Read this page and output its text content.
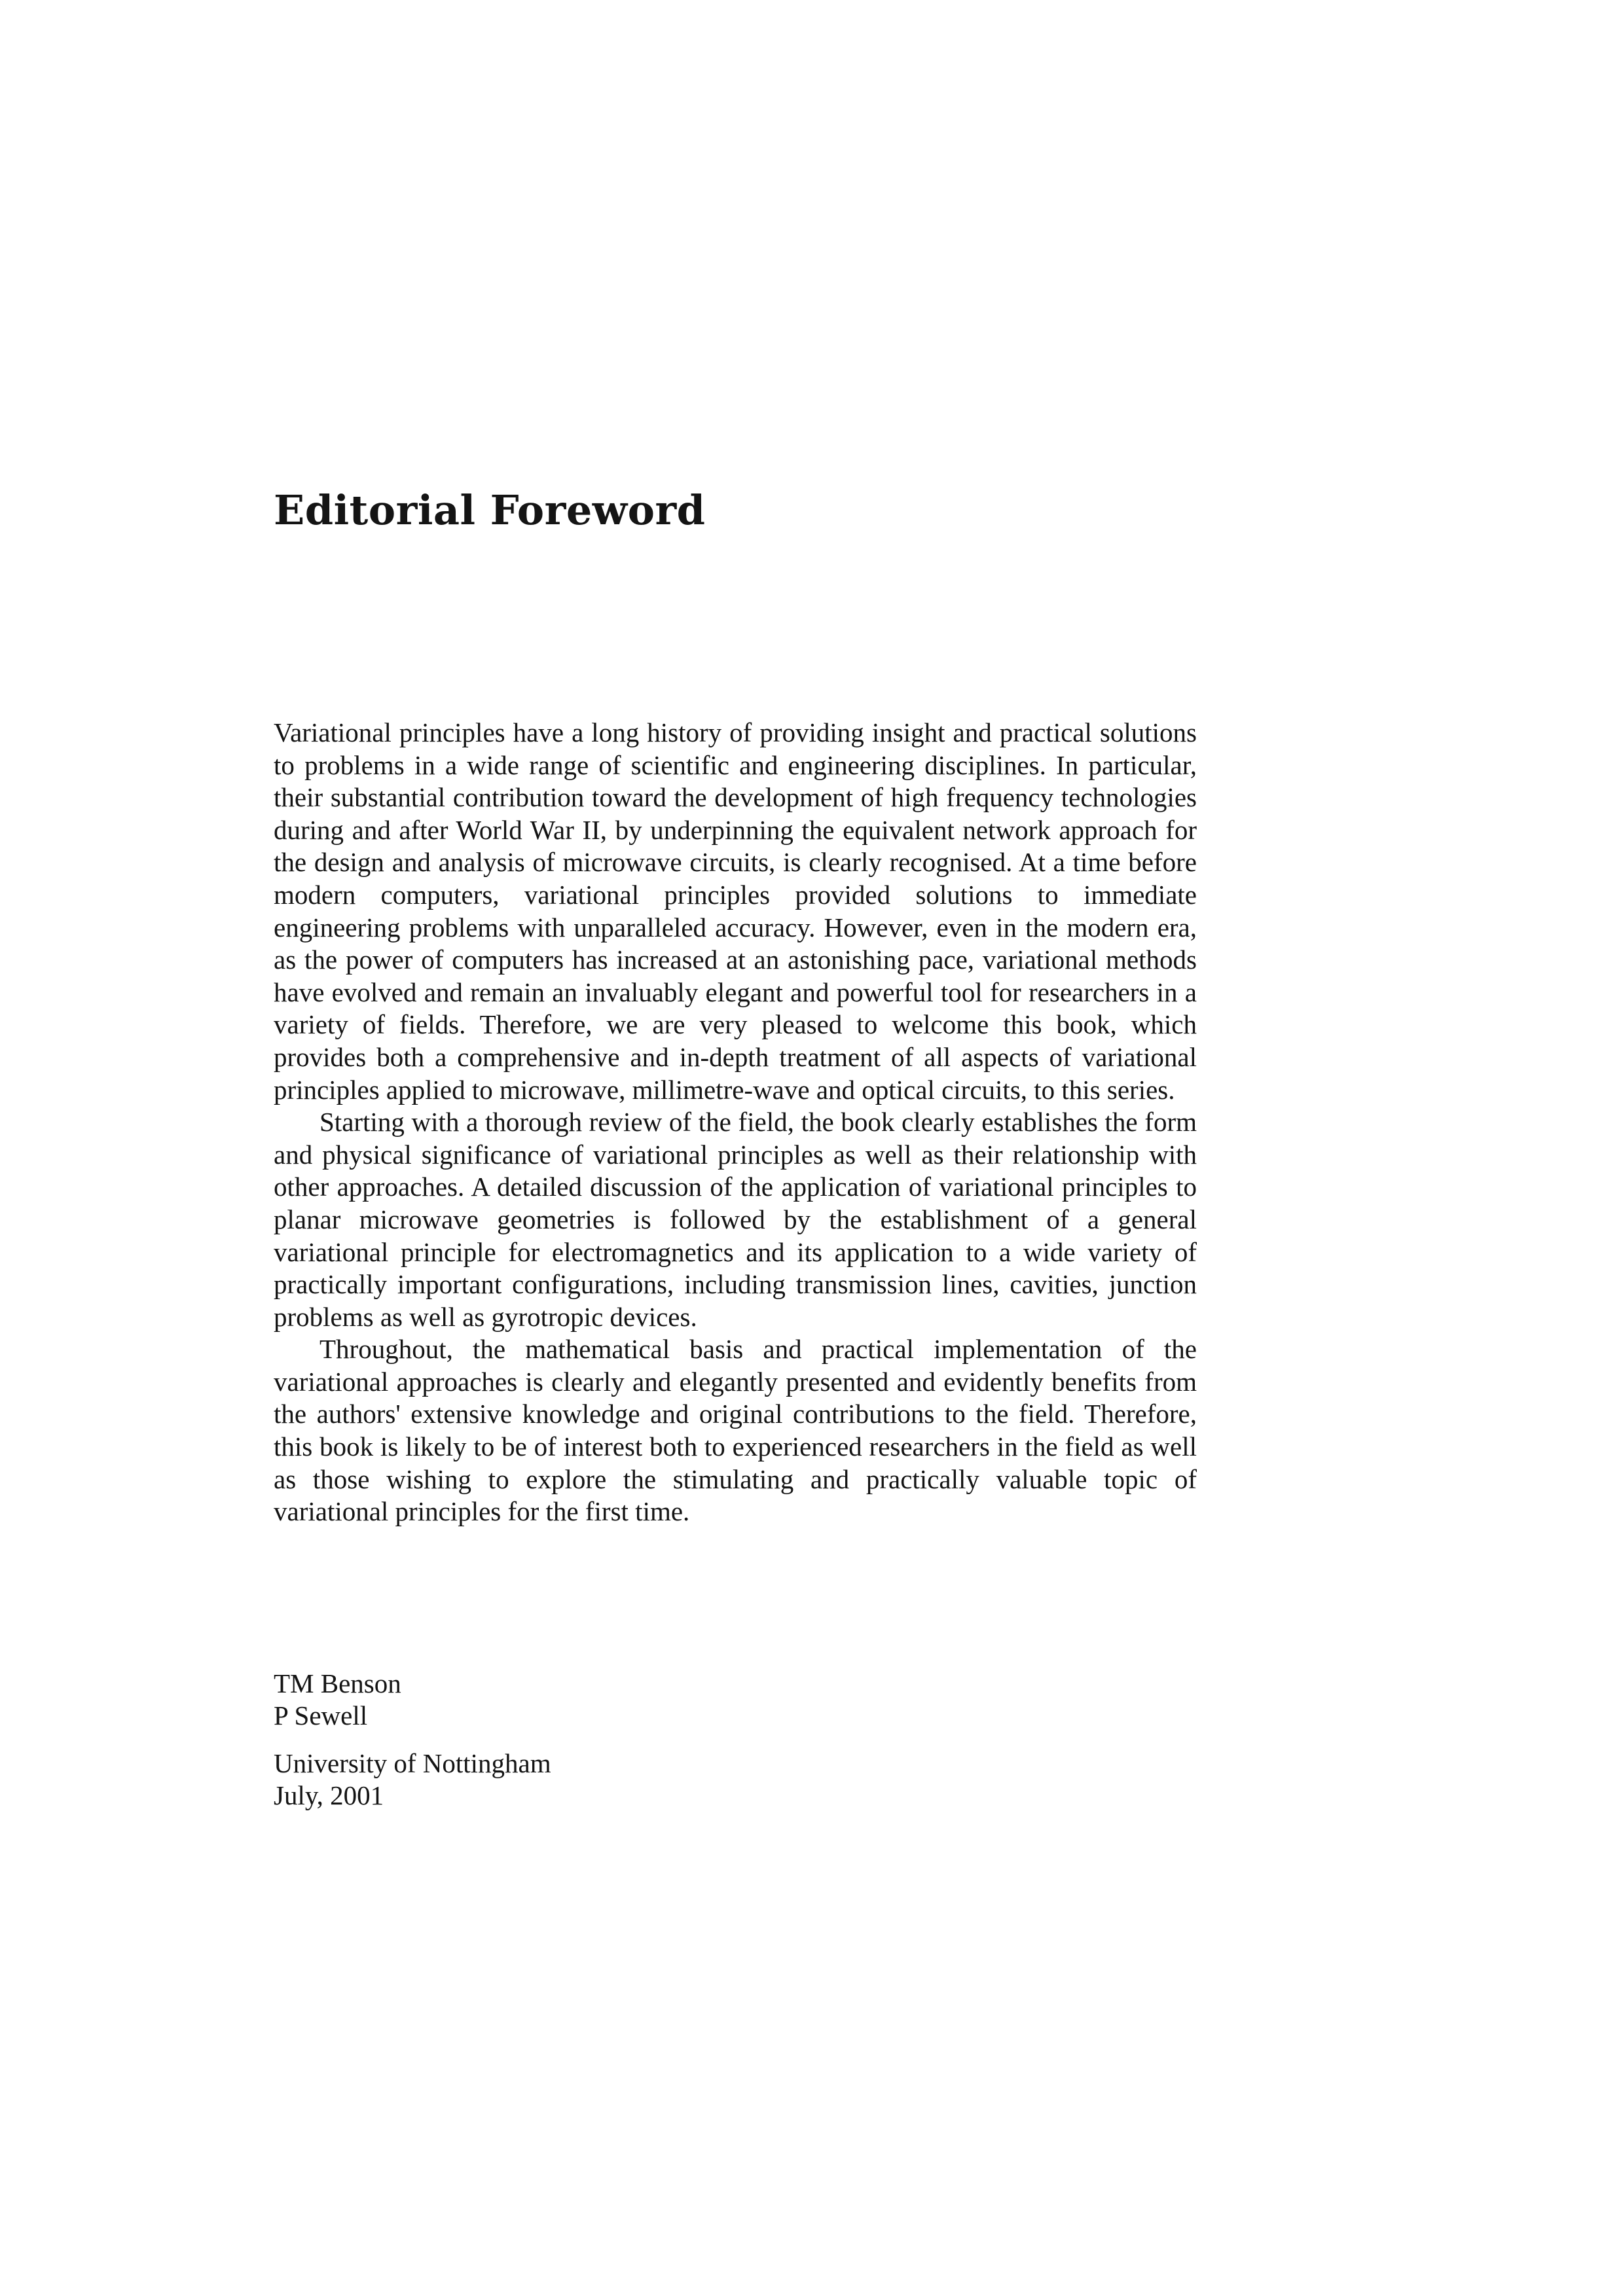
Editorial Foreword

Variational principles have a long history of providing insight and practical solutions to problems in a wide range of scientific and engineering disciplines. In particular, their substantial contribution toward the development of high frequency technologies during and after World War II, by underpinning the equivalent network approach for the design and analysis of microwave circuits, is clearly recognised. At a time before modern computers, variational principles provided solutions to immediate engineering problems with unparalleled accuracy. However, even in the modern era, as the power of computers has increased at an astonishing pace, variational methods have evolved and remain an invaluably elegant and powerful tool for researchers in a variety of fields. Therefore, we are very pleased to welcome this book, which provides both a comprehensive and in-depth treatment of all aspects of variational principles applied to microwave, millimetre-wave and optical circuits, to this series.

Starting with a thorough review of the field, the book clearly establishes the form and physical significance of variational principles as well as their relationship with other approaches. A detailed discussion of the application of variational principles to planar microwave geometries is followed by the establishment of a general variational principle for electromagnetics and its application to a wide variety of practically important configurations, including transmission lines, cavities, junction problems as well as gyrotropic devices.

Throughout, the mathematical basis and practical implementation of the variational approaches is clearly and elegantly presented and evidently benefits from the authors' extensive knowledge and original contributions to the field. Therefore, this book is likely to be of interest both to experienced researchers in the field as well as those wishing to explore the stimulating and practically valuable topic of variational principles for the first time.

TM Benson
P Sewell
University of Nottingham
July, 2001
